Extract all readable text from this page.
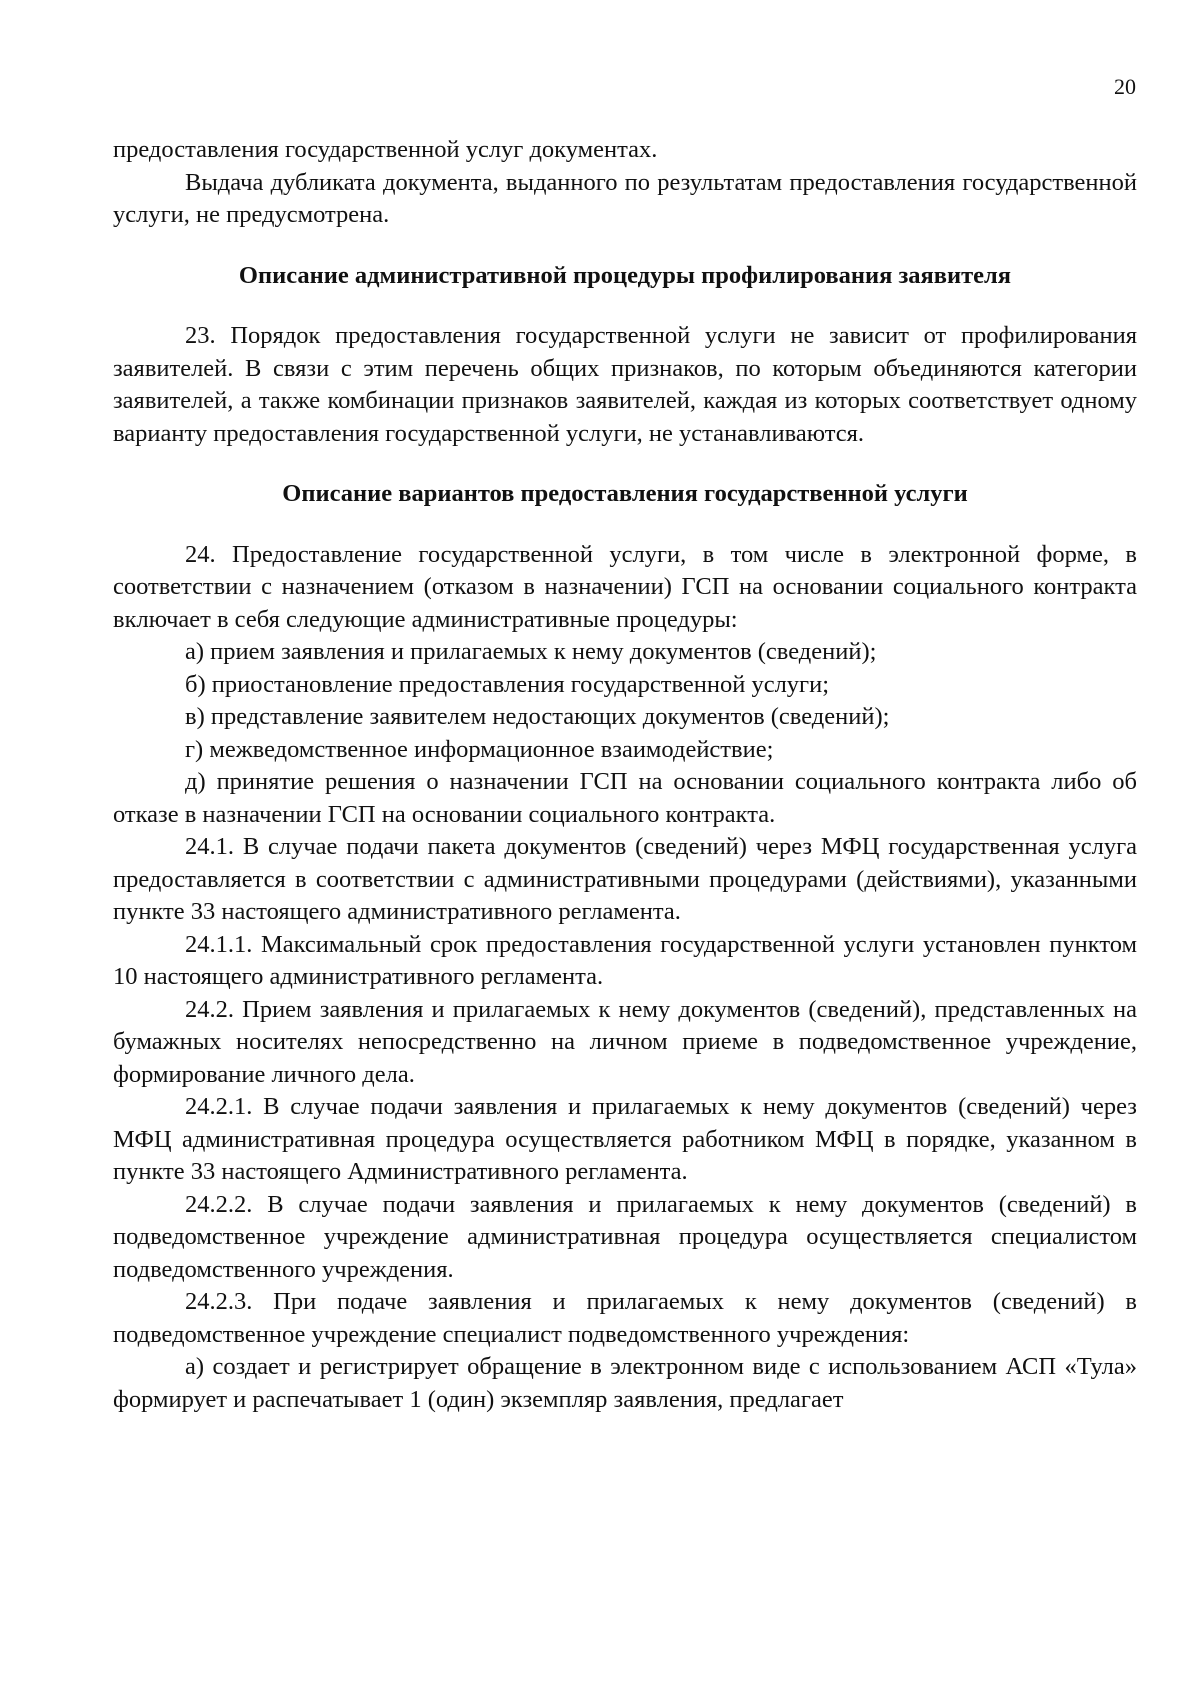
20

предоставления государственной услуг документах.

Выдача дубликата документа, выданного по результатам предоставления государственной услуги, не предусмотрена.

Описание административной процедуры профилирования заявителя

23. Порядок предоставления государственной услуги не зависит от профилирования заявителей. В связи с этим перечень общих признаков, по которым объединяются категории заявителей, а также комбинации признаков заявителей, каждая из которых соответствует одному варианту предоставления государственной услуги, не устанавливаются.

Описание вариантов предоставления государственной услуги

24. Предоставление государственной услуги, в том числе в электронной форме, в соответствии с назначением (отказом в назначении) ГСП на основании социального контракта включает в себя следующие административные процедуры:

а) прием заявления и прилагаемых к нему документов (сведений);

б) приостановление предоставления государственной услуги;

в) представление заявителем недостающих документов (сведений);

г) межведомственное информационное взаимодействие;

д) принятие решения о назначении ГСП на основании социального контракта либо об отказе в назначении ГСП на основании социального контракта.

24.1. В случае подачи пакета документов (сведений) через МФЦ государственная услуга предоставляется в соответствии с административными процедурами (действиями), указанными пункте 33 настоящего административного регламента.

24.1.1. Максимальный срок предоставления государственной услуги установлен пунктом 10 настоящего административного регламента.

24.2. Прием заявления и прилагаемых к нему документов (сведений), представленных на бумажных носителях непосредственно на личном приеме в подведомственное учреждение, формирование личного дела.

24.2.1. В случае подачи заявления и прилагаемых к нему документов (сведений) через МФЦ административная процедура осуществляется работником МФЦ в порядке, указанном в пункте 33 настоящего Административного регламента.

24.2.2. В случае подачи заявления и прилагаемых к нему документов (сведений) в подведомственное учреждение административная процедура осуществляется специалистом подведомственного учреждения.

24.2.3. При подаче заявления и прилагаемых к нему документов (сведений) в подведомственное учреждение специалист подведомственного учреждения:

а) создает и регистрирует обращение в электронном виде с использованием АСП «Тула» формирует и распечатывает 1 (один) экземпляр заявления, предлагает
